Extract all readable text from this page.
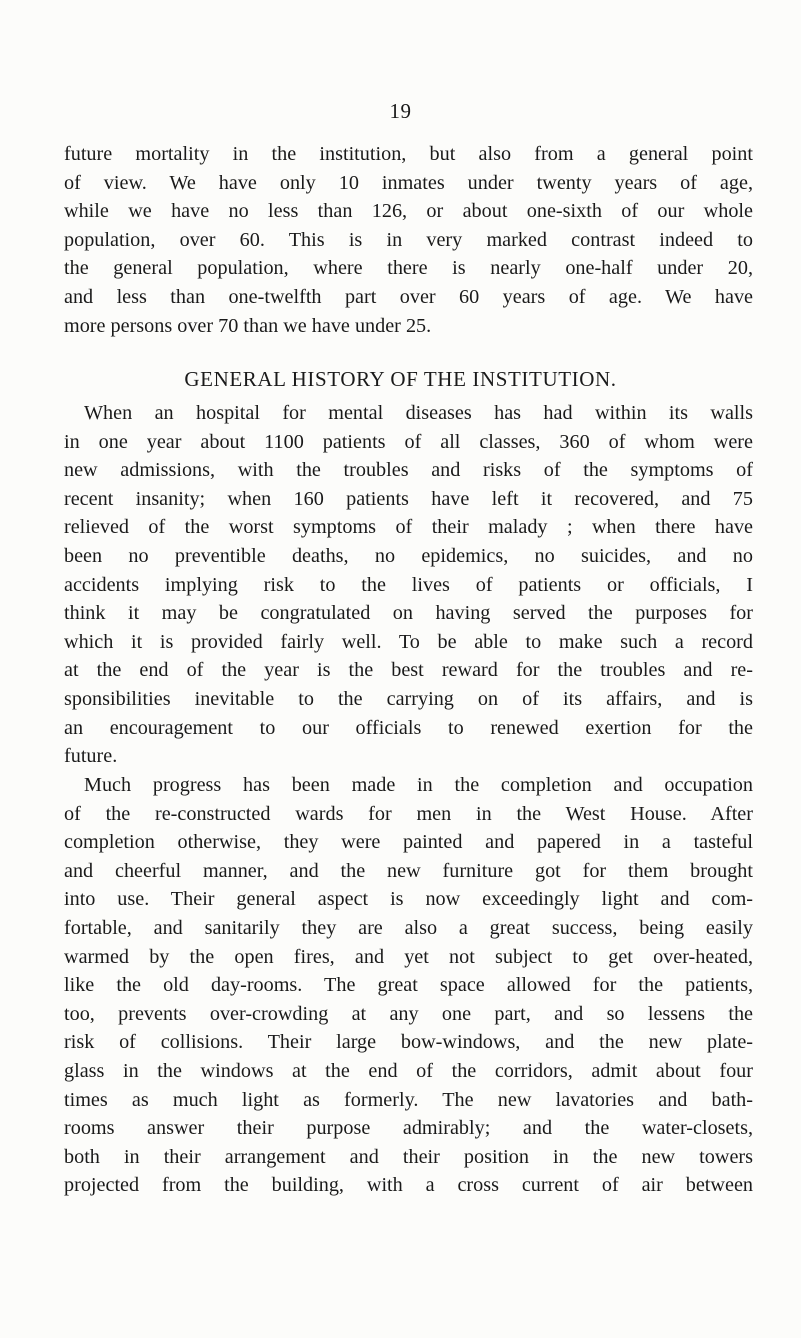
19
future mortality in the institution, but also from a general point
of view. We have only 10 inmates under twenty years of age,
while we have no less than 126, or about one-sixth of our whole
population, over 60. This is in very marked contrast indeed to
the general population, where there is nearly one-half under 20,
and less than one-twelfth part over 60 years of age. We have
more persons over 70 than we have under 25.
GENERAL HISTORY OF THE INSTITUTION.
When an hospital for mental diseases has had within its walls
in one year about 1100 patients of all classes, 360 of whom were
new admissions, with the troubles and risks of the symptoms of
recent insanity; when 160 patients have left it recovered, and 75
relieved of the worst symptoms of their malady ; when there have
been no preventible deaths, no epidemics, no suicides, and no
accidents implying risk to the lives of patients or officials, I
think it may be congratulated on having served the purposes for
which it is provided fairly well. To be able to make such a record
at the end of the year is the best reward for the troubles and re-
sponsibilities inevitable to the carrying on of its affairs, and is
an encouragement to our officials to renewed exertion for the
future.
Much progress has been made in the completion and occupation
of the re-constructed wards for men in the West House. After
completion otherwise, they were painted and papered in a tasteful
and cheerful manner, and the new furniture got for them brought
into use. Their general aspect is now exceedingly light and com-
fortable, and sanitarily they are also a great success, being easily
warmed by the open fires, and yet not subject to get over-heated,
like the old day-rooms. The great space allowed for the patients,
too, prevents over-crowding at any one part, and so lessens the
risk of collisions. Their large bow-windows, and the new plate-
glass in the windows at the end of the corridors, admit about four
times as much light as formerly. The new lavatories and bath-
rooms answer their purpose admirably; and the water-closets,
both in their arrangement and their position in the new towers
projected from the building, with a cross current of air between
